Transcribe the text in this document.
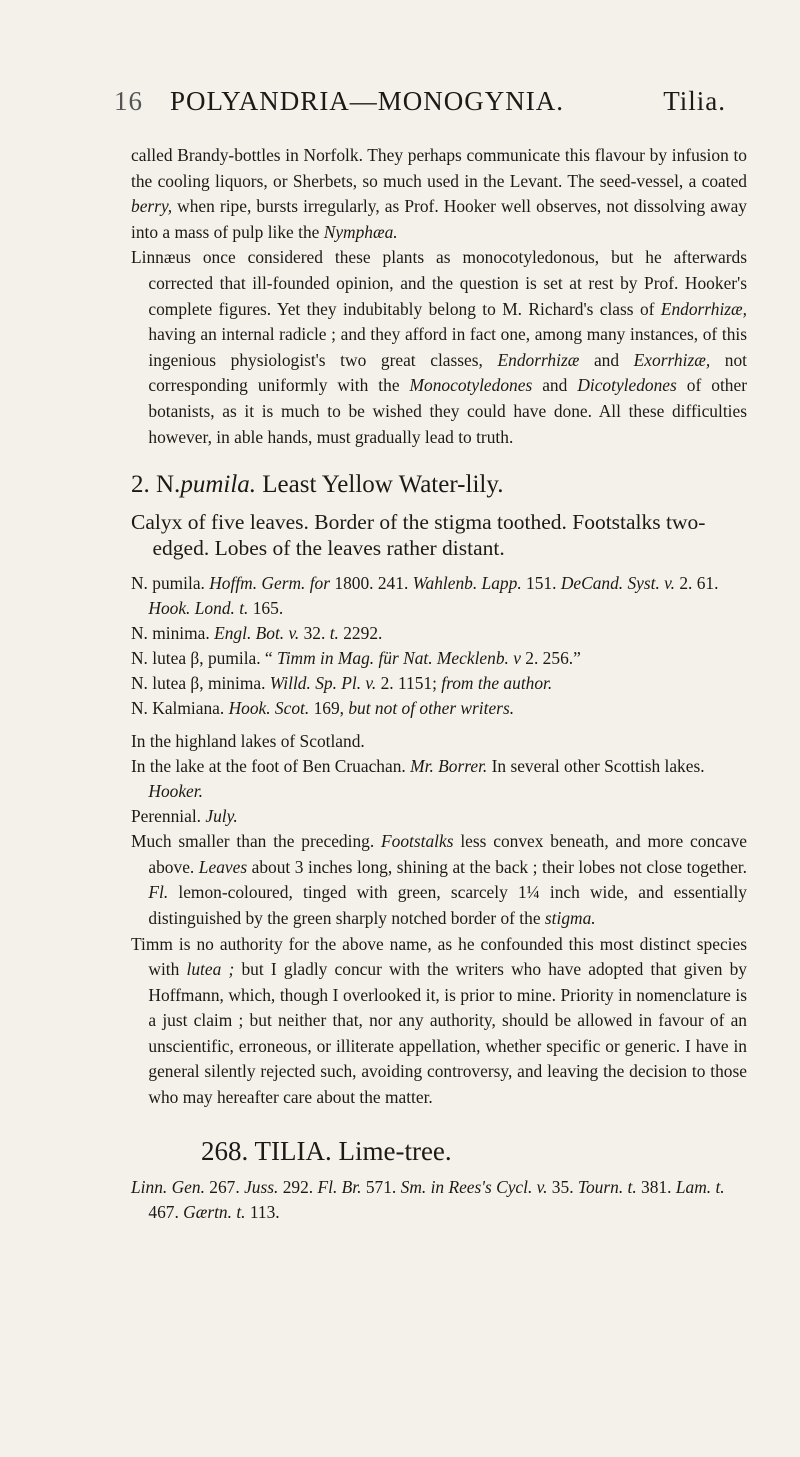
16 POLYANDRIA—MONOGYNIA.	Tilia.

called Brandy-bottles in Norfolk. They perhaps communicate this flavour by infusion to the cooling liquors, or Sherbets, so much used in the Levant. The seed-vessel, a coated berry, when ripe, bursts irregularly, as Prof. Hooker well observes, not dissolving away into a mass of pulp like the Nymphæa.

Linnæus once considered these plants as monocotyledonous, but he afterwards corrected that ill-founded opinion, and the question is set at rest by Prof. Hooker's complete figures. Yet they indubitably belong to M. Richard's class of Endorrhizæ, having an internal radicle ; and they afford in fact one, among many instances, of this ingenious physiologist's two great classes, Endorrhizæ and Exorrhizæ, not corresponding uniformly with the Monocotyledones and Dicotyledones of other botanists, as it is much to be wished they could have done. All these difficulties however, in able hands, must gradually lead to truth.

2. N.pumila. Least Yellow Water-lily.

Calyx of five leaves. Border of the stigma toothed. Footstalks two-edged. Lobes of the leaves rather distant.

N. pumila. Hoffm. Germ. for 1800. 241. Wahlenb. Lapp. 151. DeCand. Syst. v. 2. 61. Hook. Lond. t. 165.

N. minima. Engl. Bot. v. 32. t. 2292.

N. lutea β, pumila. “ Timm in Mag. für Nat. Mecklenb. v 2. 256.”

N. lutea β, minima. Willd. Sp. Pl. v. 2. 1151; from the author.

N. Kalmiana. Hook. Scot. 169, but not of other writers.

In the highland lakes of Scotland.

In the lake at the foot of Ben Cruachan. Mr. Borrer. In several other Scottish lakes. Hooker.

Perennial. July.

Much smaller than the preceding. Footstalks less convex beneath, and more concave above. Leaves about 3 inches long, shining at the back ; their lobes not close together. Fl. lemon-coloured, tinged with green, scarcely 1¼ inch wide, and essentially distinguished by the green sharply notched border of the stigma.

Timm is no authority for the above name, as he confounded this most distinct species with lutea ; but I gladly concur with the writers who have adopted that given by Hoffmann, which, though I overlooked it, is prior to mine. Priority in nomenclature is a just claim ; but neither that, nor any authority, should be allowed in favour of an unscientific, erroneous, or illiterate appellation, whether specific or generic. I have in general silently rejected such, avoiding controversy, and leaving the decision to those who may hereafter care about the matter.

268. TILIA. Lime-tree.

Linn. Gen. 267. Juss. 292. Fl. Br. 571. Sm. in Rees's Cycl. v. 35. Tourn. t. 381. Lam. t. 467. Gærtn. t. 113.
